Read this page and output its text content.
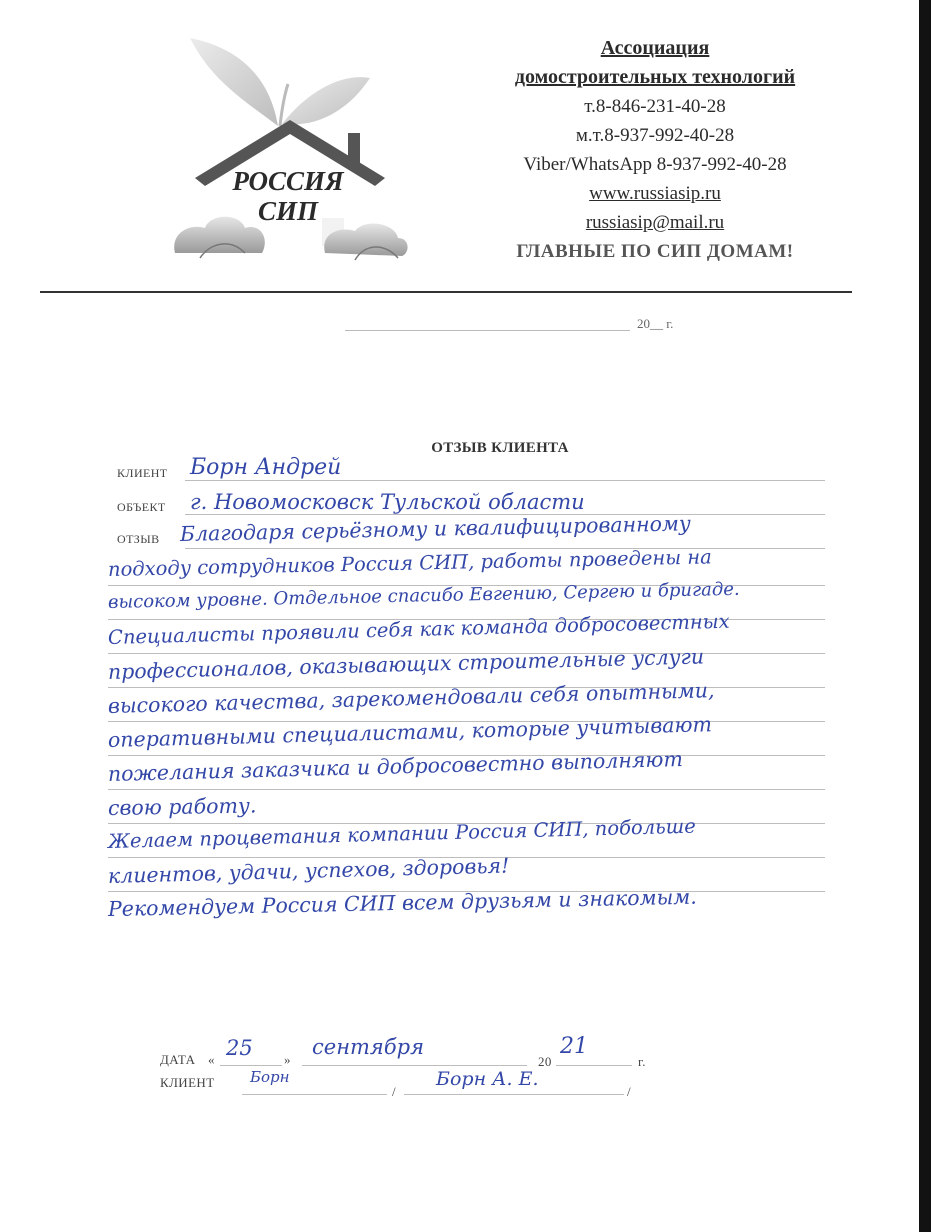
РОССИЯ
СИП
Ассоциация
домостроительных технологий
т.8-846-231-40-28
м.т.8-937-992-40-28
Viber/WhatsApp 8-937-992-40-28
www.russiasip.ru
russiasip@mail.ru
ГЛАВНЫЕ ПО СИП ДОМАМ!
20__ г.
ОТЗЫВ КЛИЕНТА
КЛИЕНТ Борн Андрей
ОБЪЕКТ г. Новомосковск Тульской области
ОТЗЫВ Благодаря серьёзному и квалифицированному
подходу сотрудников Россия СИП, работы проведены на
высоком уровне. Отдельное спасибо Евгению, Сергею и бригаде.
Специалисты проявили себя как команда добросовестных
профессионалов, оказывающих строительные услуги
высокого качества, зарекомендовали себя опытными,
оперативными специалистами, которые учитывают
пожелания заказчика и добросовестно выполняют
свою работу.
Желаем процветания компании Россия СИП, побольше
клиентов, удачи, успехов, здоровья!
Рекомендуем Россия СИП всем друзьям и знакомым.
ДАТА « 25 »
сентября
20
21
г.
КЛИЕНТ Борн
/
Борн А. Е.
/
